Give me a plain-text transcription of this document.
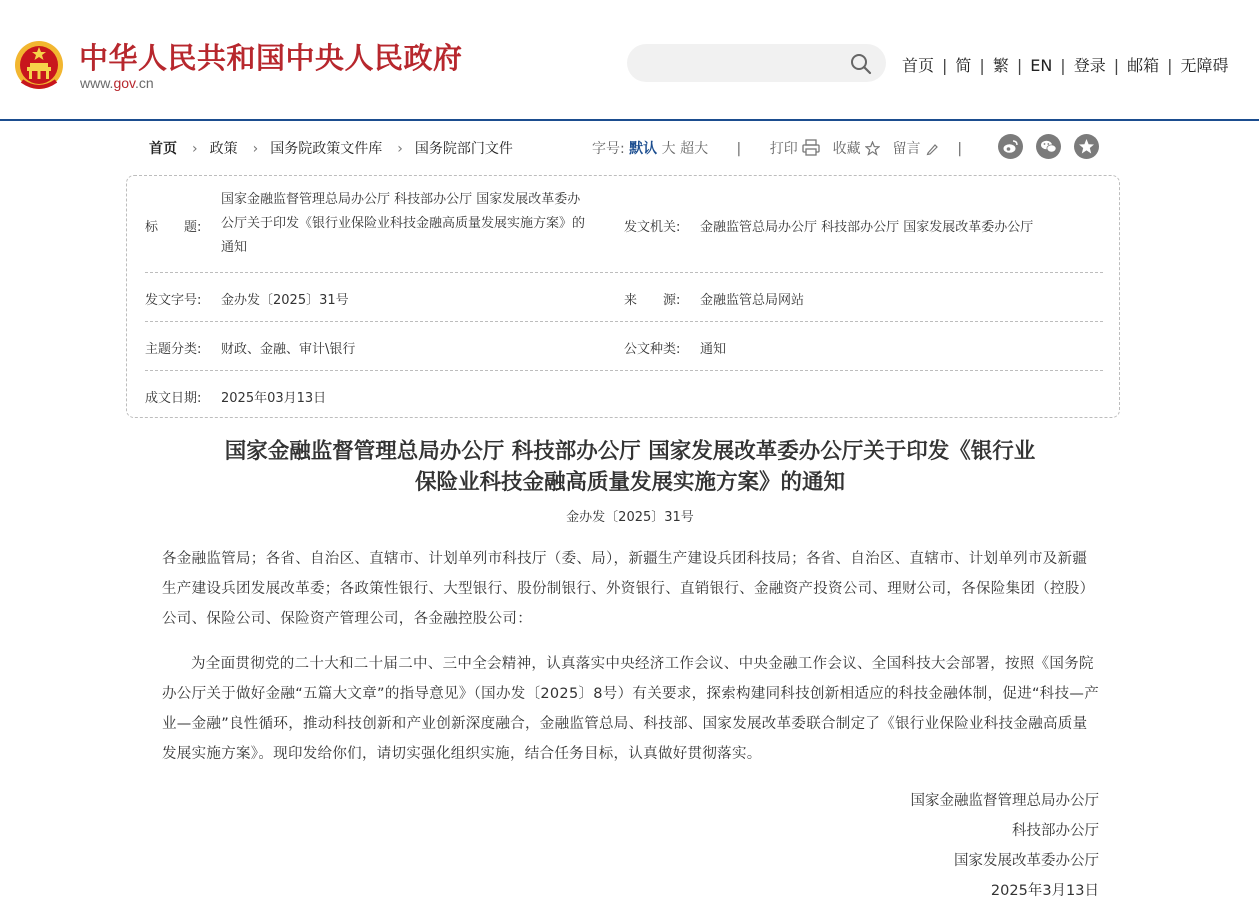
中华人民共和国中央人民政府
www.gov.cn
首页 | 简 | 繁 | EN | 登录 | 邮箱 | 无障碍
首页 › 政策 › 国务院政策文件库 › 国务院部门文件	字号: 默认 大 超大 | 打印 收藏 留言	|
标　　题:
国家金融监督管理总局办公厅 科技部办公厅 国家发展改革委办
公厅关于印发《银行业保险业科技金融高质量发展实施方案》的
通知
发文机关: 金融监管总局办公厅 科技部办公厅 国家发展改革委办公厅
发文字号: 金办发〔2025〕31号	来　　源: 金融监管总局网站
主题分类: 财政、金融、审计\银行	公文种类: 通知
成文日期: 2025年03月13日
国家金融监督管理总局办公厅 科技部办公厅 国家发展改革委办公厅关于印发《银行业
保险业科技金融高质量发展实施方案》的通知
金办发〔2025〕31号
各金融监管局；各省、自治区、直辖市、计划单列市科技厅（委、局），新疆生产建设兵团科技局；各省、自治区、直辖市、计划单列市及新疆生产建设兵团发展改革委；各政策性银行、大型银行、股份制银行、外资银行、直销银行、金融资产投资公司、理财公司，各保险集团（控股）公司、保险公司、保险资产管理公司，各金融控股公司：
为全面贯彻党的二十大和二十届二中、三中全会精神，认真落实中央经济工作会议、中央金融工作会议、全国科技大会部署，按照《国务院办公厅关于做好金融“五篇大文章”的指导意见》（国办发〔2025〕8号）有关要求，探索构建同科技创新相适应的科技金融体制，促进“科技—产业—金融”良性循环，推动科技创新和产业创新深度融合，金融监管总局、科技部、国家发展改革委联合制定了《银行业保险业科技金融高质量发展实施方案》。现印发给你们，请切实强化组织实施，结合任务目标，认真做好贯彻落实。
国家金融监督管理总局办公厅
科技部办公厅
国家发展改革委办公厅
2025年3月13日
